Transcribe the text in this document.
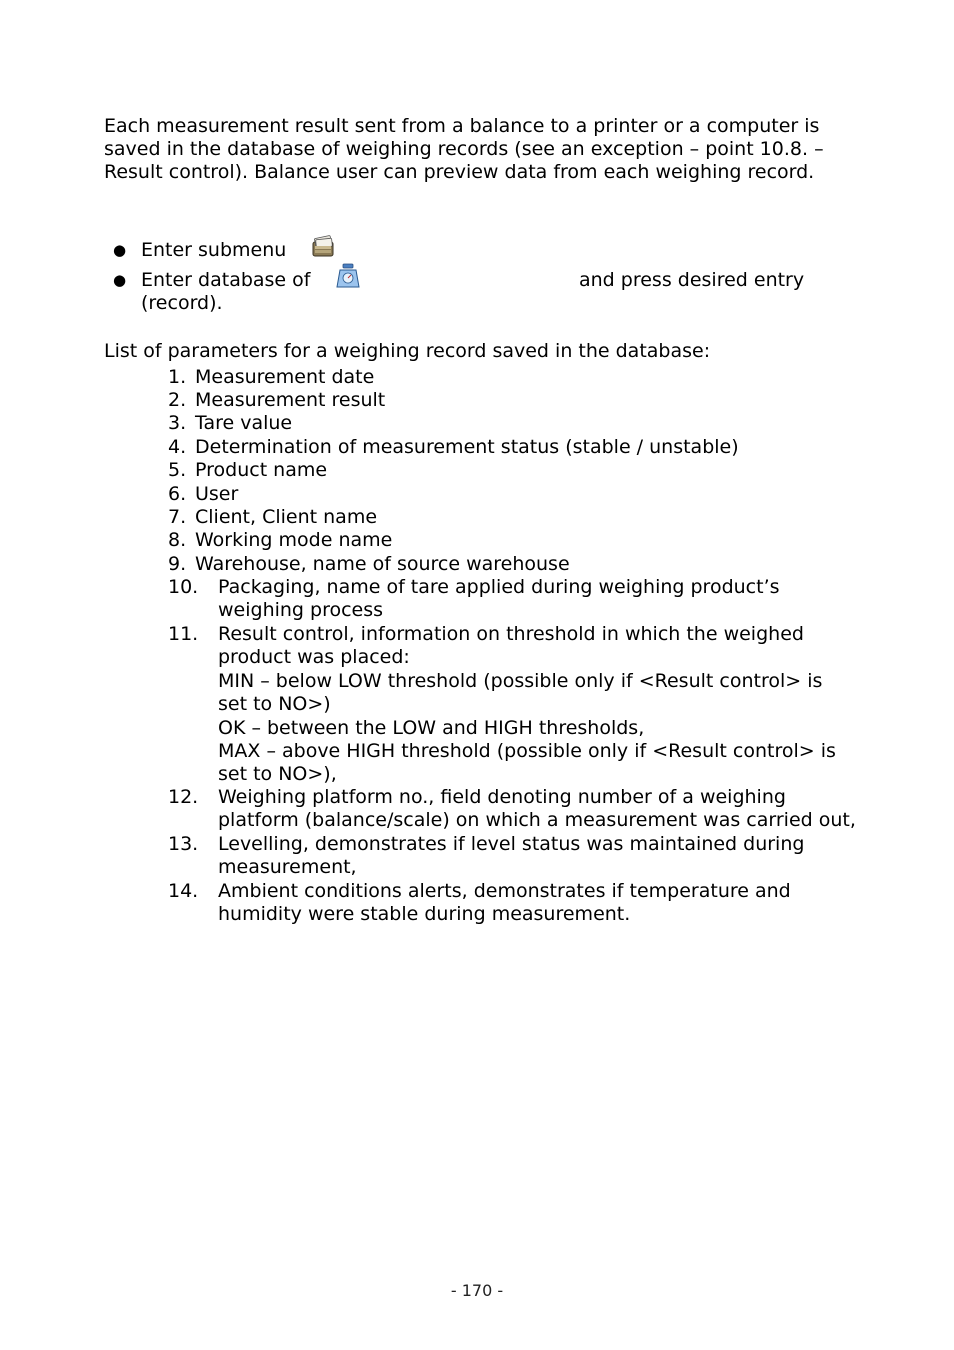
Each measurement result sent from a balance to a printer or a computer is
saved in the database of weighing records (see an exception – point 10.8. –
Result control). Balance user can preview data from each weighing record.

● Enter submenu
● Enter database of	and press desired entry
(record).
List of parameters for a weighing record saved in the database:
1. Measurement date
2. Measurement result
3. Tare value
4. Determination of measurement status (stable / unstable)
5. Product name
6. User
7. Client, Client name
8. Working mode name
9. Warehouse, name of source warehouse
10. Packaging, name of tare applied during weighing product’s
weighing process
11. Result control, information on threshold in which the weighed
product was placed:
MIN – below LOW threshold (possible only if <Result control> is
set to NO>)
OK – between the LOW and HIGH thresholds,
MAX – above HIGH threshold (possible only if <Result control> is
set to NO>),
12. Weighing platform no., field denoting number of a weighing
platform (balance/scale) on which a measurement was carried out,
13. Levelling, demonstrates if level status was maintained during
measurement,
14. Ambient conditions alerts, demonstrates if temperature and
humidity were stable during measurement.
- 170 -
